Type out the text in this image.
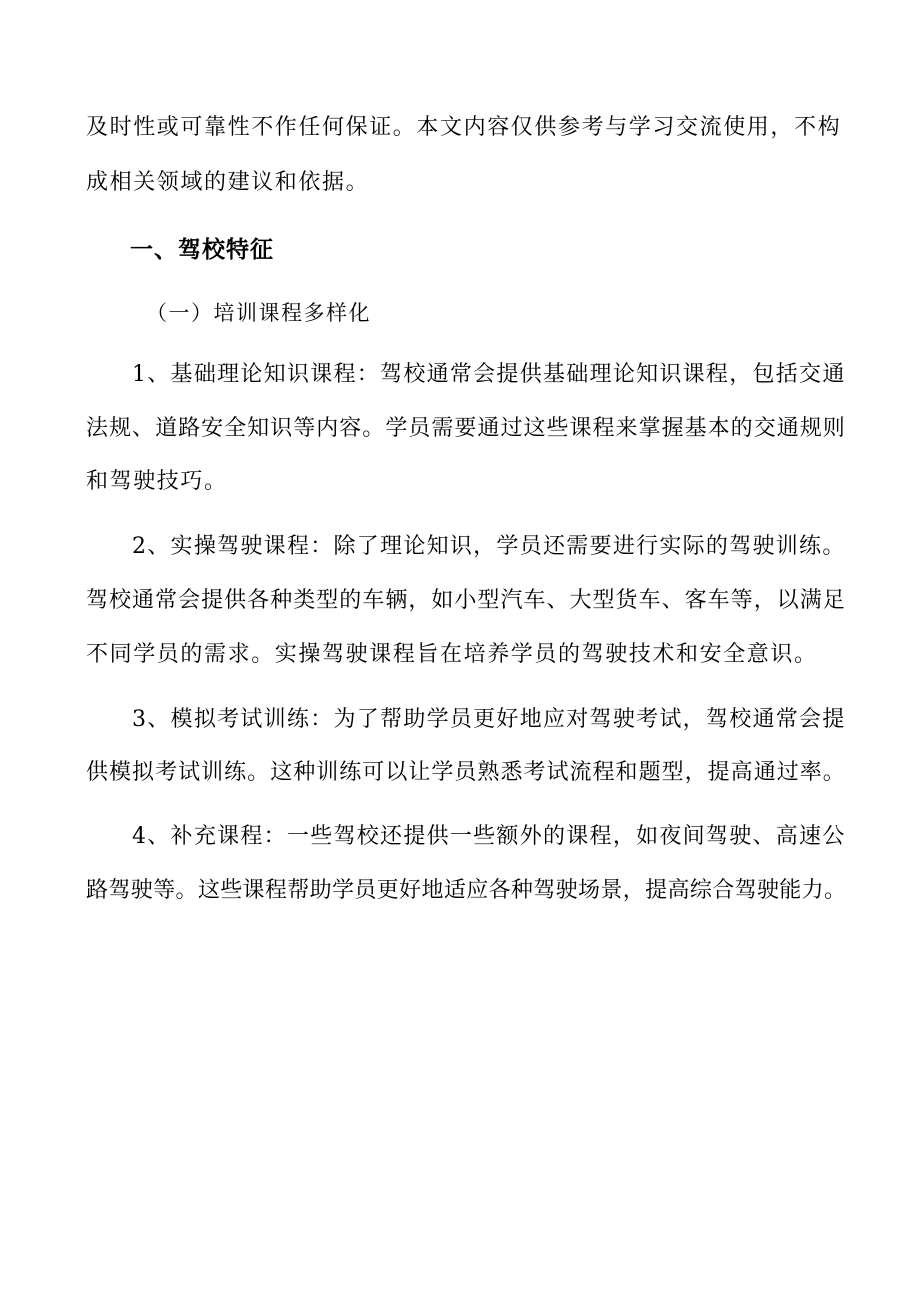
及时性或可靠性不作任何保证。本文内容仅供参考与学习交流使用，不构
成相关领域的建议和依据。
一、驾校特征
（一）培训课程多样化
1、基础理论知识课程：驾校通常会提供基础理论知识课程，包括交通
法规、道路安全知识等内容。学员需要通过这些课程来掌握基本的交通规则
和驾驶技巧。
2、实操驾驶课程：除了理论知识，学员还需要进行实际的驾驶训练。
驾校通常会提供各种类型的车辆，如小型汽车、大型货车、客车等，以满足
不同学员的需求。实操驾驶课程旨在培养学员的驾驶技术和安全意识。
3、模拟考试训练：为了帮助学员更好地应对驾驶考试，驾校通常会提
供模拟考试训练。这种训练可以让学员熟悉考试流程和题型，提高通过率。
4、补充课程：一些驾校还提供一些额外的课程，如夜间驾驶、高速公
路驾驶等。这些课程帮助学员更好地适应各种驾驶场景，提高综合驾驶能力。
